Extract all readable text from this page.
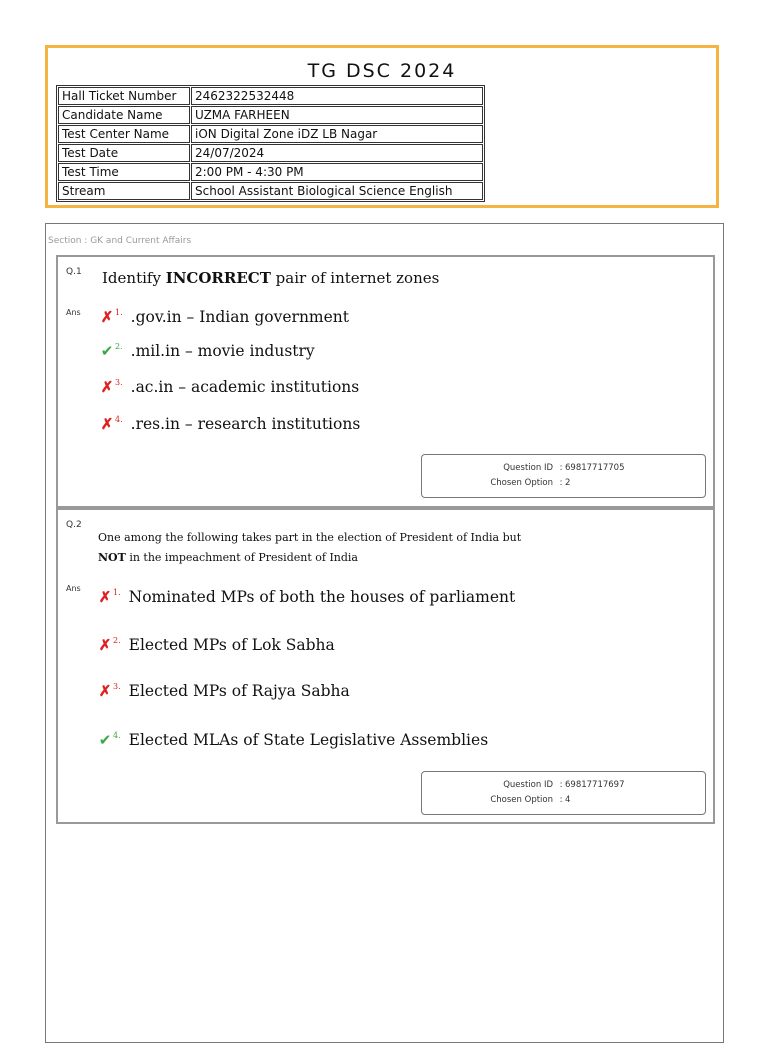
TG DSC 2024
Hall Ticket Number	2462322532448
Candidate Name	UZMA FARHEEN
Test Center Name	iON Digital Zone iDZ LB Nagar
Test Date	24/07/2024
Test Time	2:00 PM - 4:30 PM
Stream	School Assistant Biological Science English
Section : GK and Current Affairs
Q.1 Identify INCORRECT pair of internet zones
Ans ✗ 1. .gov.in – Indian government
✔ 2. .mil.in – movie industry
✗ 3. .ac.in – academic institutions
✗ 4. .res.in – research institutions
Question ID : 69817717705
Chosen Option : 2
Q.2
One among the following takes part in the election of President of India but
NOT in the impeachment of President of India
Ans ✗ 1. Nominated MPs of both the houses of parliament
✗ 2. Elected MPs of Lok Sabha
✗ 3. Elected MPs of Rajya Sabha
✔ 4. Elected MLAs of State Legislative Assemblies
Question ID : 69817717697
Chosen Option : 4
